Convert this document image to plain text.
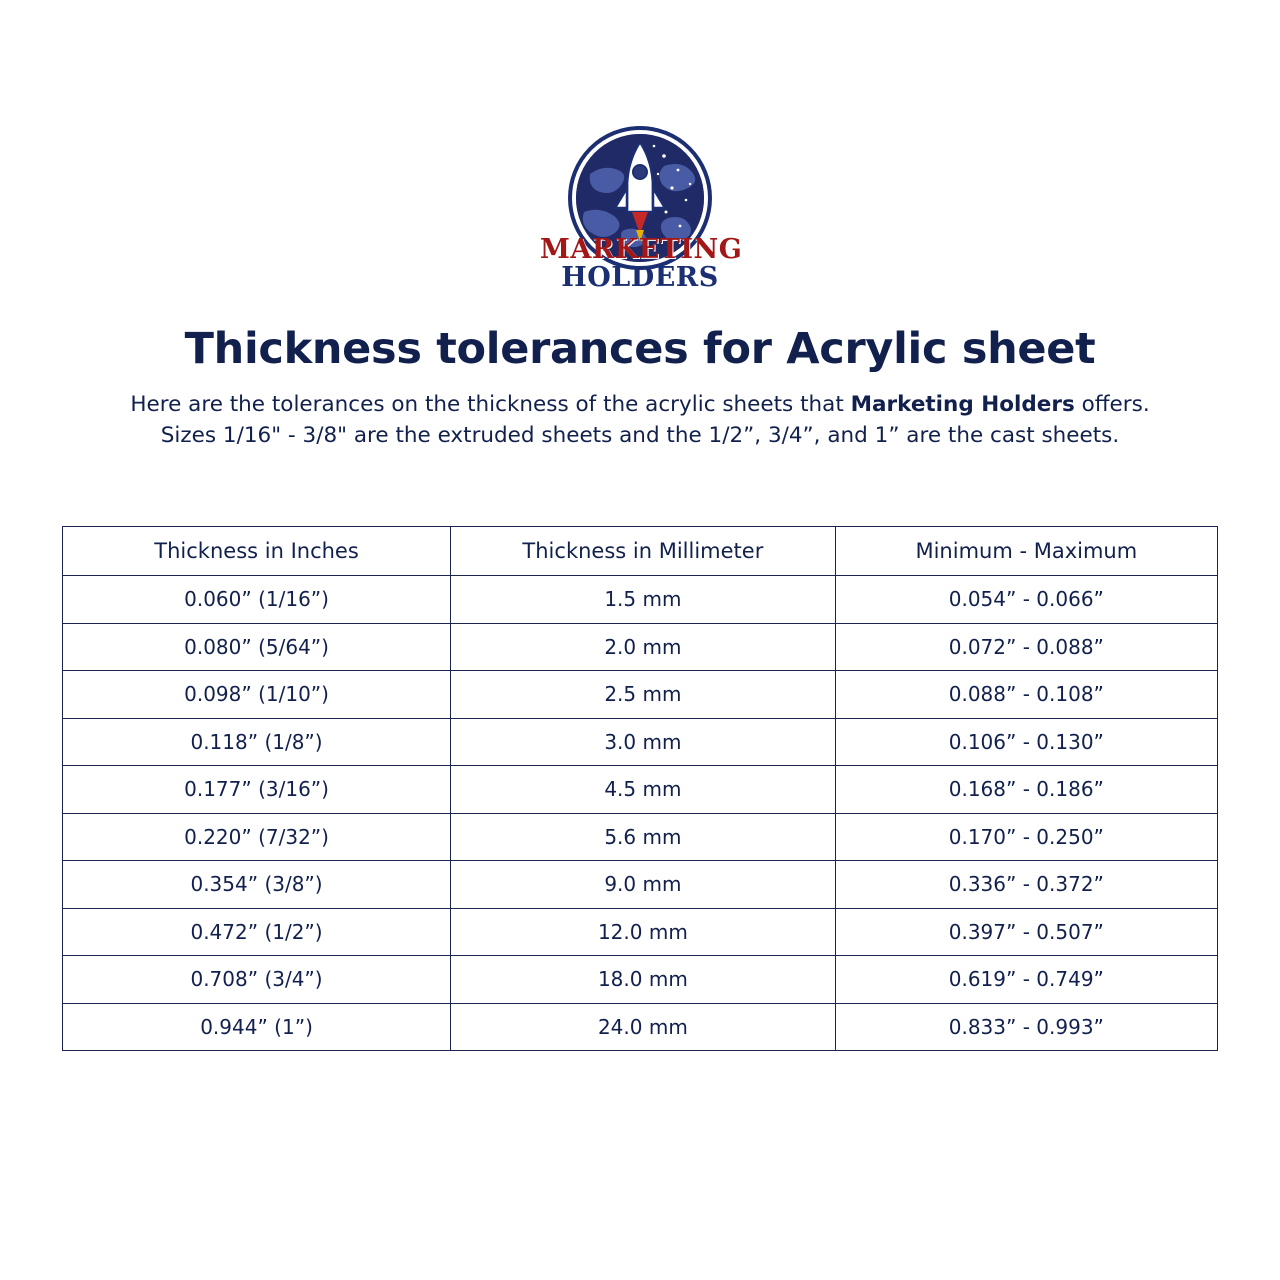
MARKETING
HOLDERS
Thickness tolerances for Acrylic sheet
Here are the tolerances on the thickness of the acrylic sheets that Marketing Holders offers.
Sizes 1/16" - 3/8" are the extruded sheets and the 1/2”, 3/4”, and 1” are the cast sheets.
Thickness in Inches	Thickness in Millimeter	Minimum - Maximum
0.060” (1/16”)	1.5 mm	0.054” - 0.066”
0.080” (5/64”)	2.0 mm	0.072” - 0.088”
0.098” (1/10”)	2.5 mm	0.088” - 0.108”
0.118” (1/8”)	3.0 mm	0.106” - 0.130”
0.177” (3/16”)	4.5 mm	0.168” - 0.186”
0.220” (7/32”)	5.6 mm	0.170” - 0.250”
0.354” (3/8”)	9.0 mm	0.336” - 0.372”
0.472” (1/2”)	12.0 mm	0.397” - 0.507”
0.708” (3/4”)	18.0 mm	0.619” - 0.749”
0.944” (1”)	24.0 mm	0.833” - 0.993”
